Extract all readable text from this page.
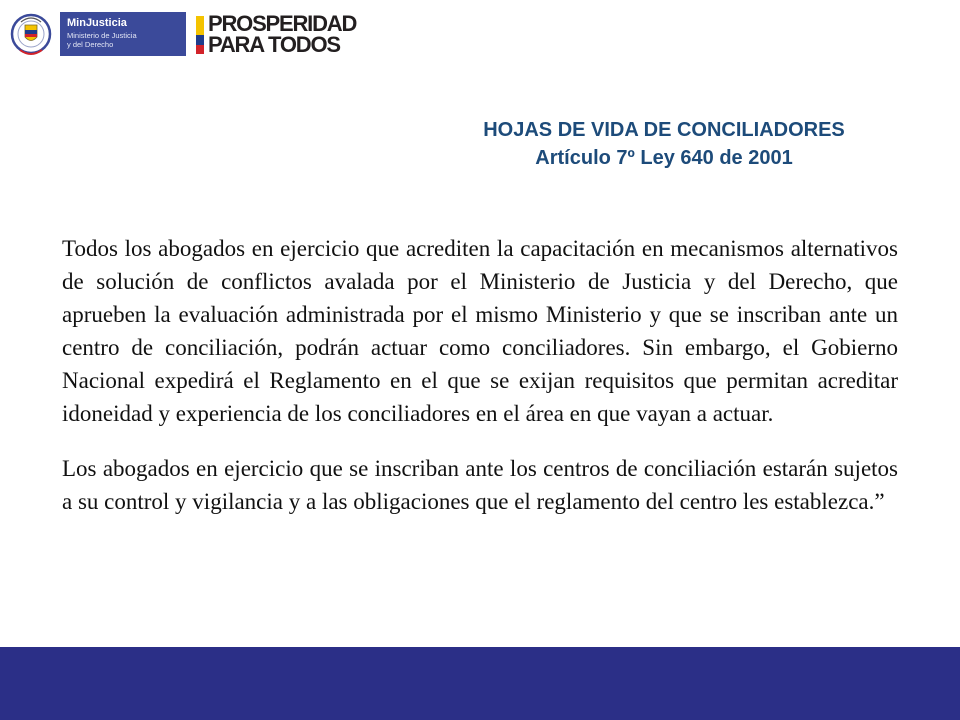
MinJusticia
Ministerio de Justicia
y del Derecho
PROSPERIDAD
PARA TODOS
HOJAS DE VIDA DE CONCILIADORES
Artículo 7º Ley 640 de 2001

Todos los abogados en ejercicio que acrediten la capacitación en mecanismos alternativos de solución de conflictos avalada por el Ministerio de Justicia y del Derecho, que aprueben la evaluación administrada por el mismo Ministerio y que se inscriban ante un centro de conciliación, podrán actuar como conciliadores. Sin embargo, el Gobierno Nacional expedirá el Reglamento en el que se exijan requisitos que permitan acreditar idoneidad y experiencia de los conciliadores en el área en que vayan a actuar.

Los abogados en ejercicio que se inscriban ante los centros de conciliación estarán sujetos a su control y vigilancia y a las obligaciones que el reglamento del centro les establezca.”
